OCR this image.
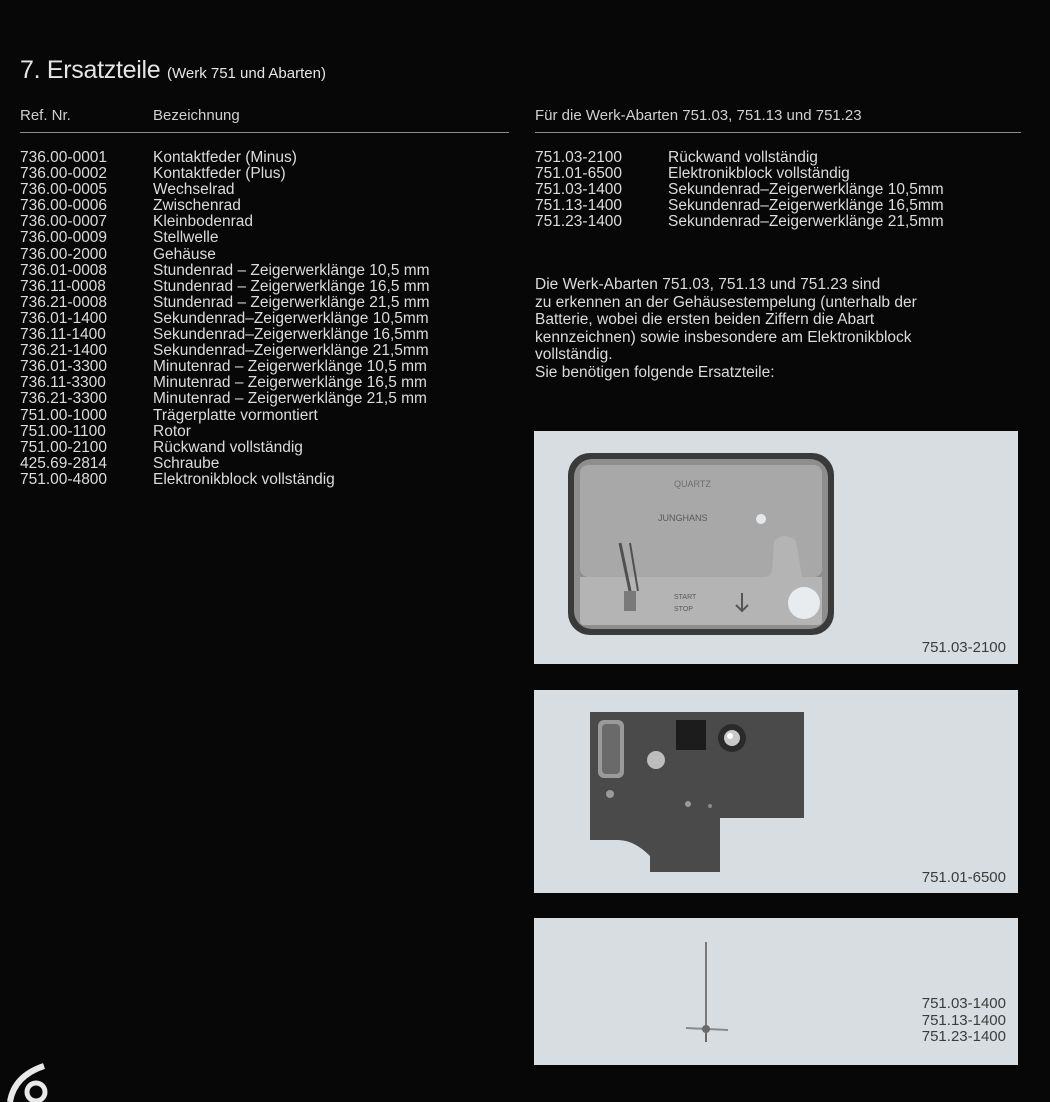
7. Ersatzteile (Werk 751 und Abarten)
Ref. Nr.	Bezeichnung	Für die Werk-Abarten 751.03, 751.13 und 751.23
736.00-0001	Kontaktfeder (Minus)
736.00-0002	Kontaktfeder (Plus)
736.00-0005	Wechselrad
736.00-0006	Zwischenrad
736.00-0007	Kleinbodenrad
736.00-0009	Stellwelle
736.00-2000	Gehäuse
736.01-0008	Stundenrad – Zeigerwerklänge 10,5 mm
736.11-0008	Stundenrad – Zeigerwerklänge 16,5 mm
736.21-0008	Stundenrad – Zeigerwerklänge 21,5 mm
736.01-1400	Sekundenrad–Zeigerwerklänge 10,5mm
736.11-1400	Sekundenrad–Zeigerwerklänge 16,5mm
736.21-1400	Sekundenrad–Zeigerwerklänge 21,5mm
736.01-3300	Minutenrad – Zeigerwerklänge 10,5 mm
736.11-3300	Minutenrad – Zeigerwerklänge 16,5 mm
736.21-3300	Minutenrad – Zeigerwerklänge 21,5 mm
751.00-1000	Trägerplatte vormontiert
751.00-1100	Rotor
751.00-2100	Rückwand vollständig
425.69-2814	Schraube
751.00-4800	Elektronikblock vollständig
751.03-2100	Rückwand vollständig
751.01-6500	Elektronikblock vollständig
751.03-1400	Sekundenrad–Zeigerwerklänge 10,5mm
751.13-1400	Sekundenrad–Zeigerwerklänge 16,5mm
751.23-1400	Sekundenrad–Zeigerwerklänge 21,5mm

Die Werk-Abarten 751.03, 751.13 und 751.23 sind
zu erkennen an der Gehäusestempelung (unterhalb der
Batterie, wobei die ersten beiden Ziffern die Abart
kennzeichnen) sowie insbesondere am Elektronikblock
vollständig.
Sie benötigen folgende Ersatzteile:

QUARTZ
JUNGHANS
START
STOP
751.03-2100
751.01-6500
751.03-1400
751.13-1400
751.23-1400
